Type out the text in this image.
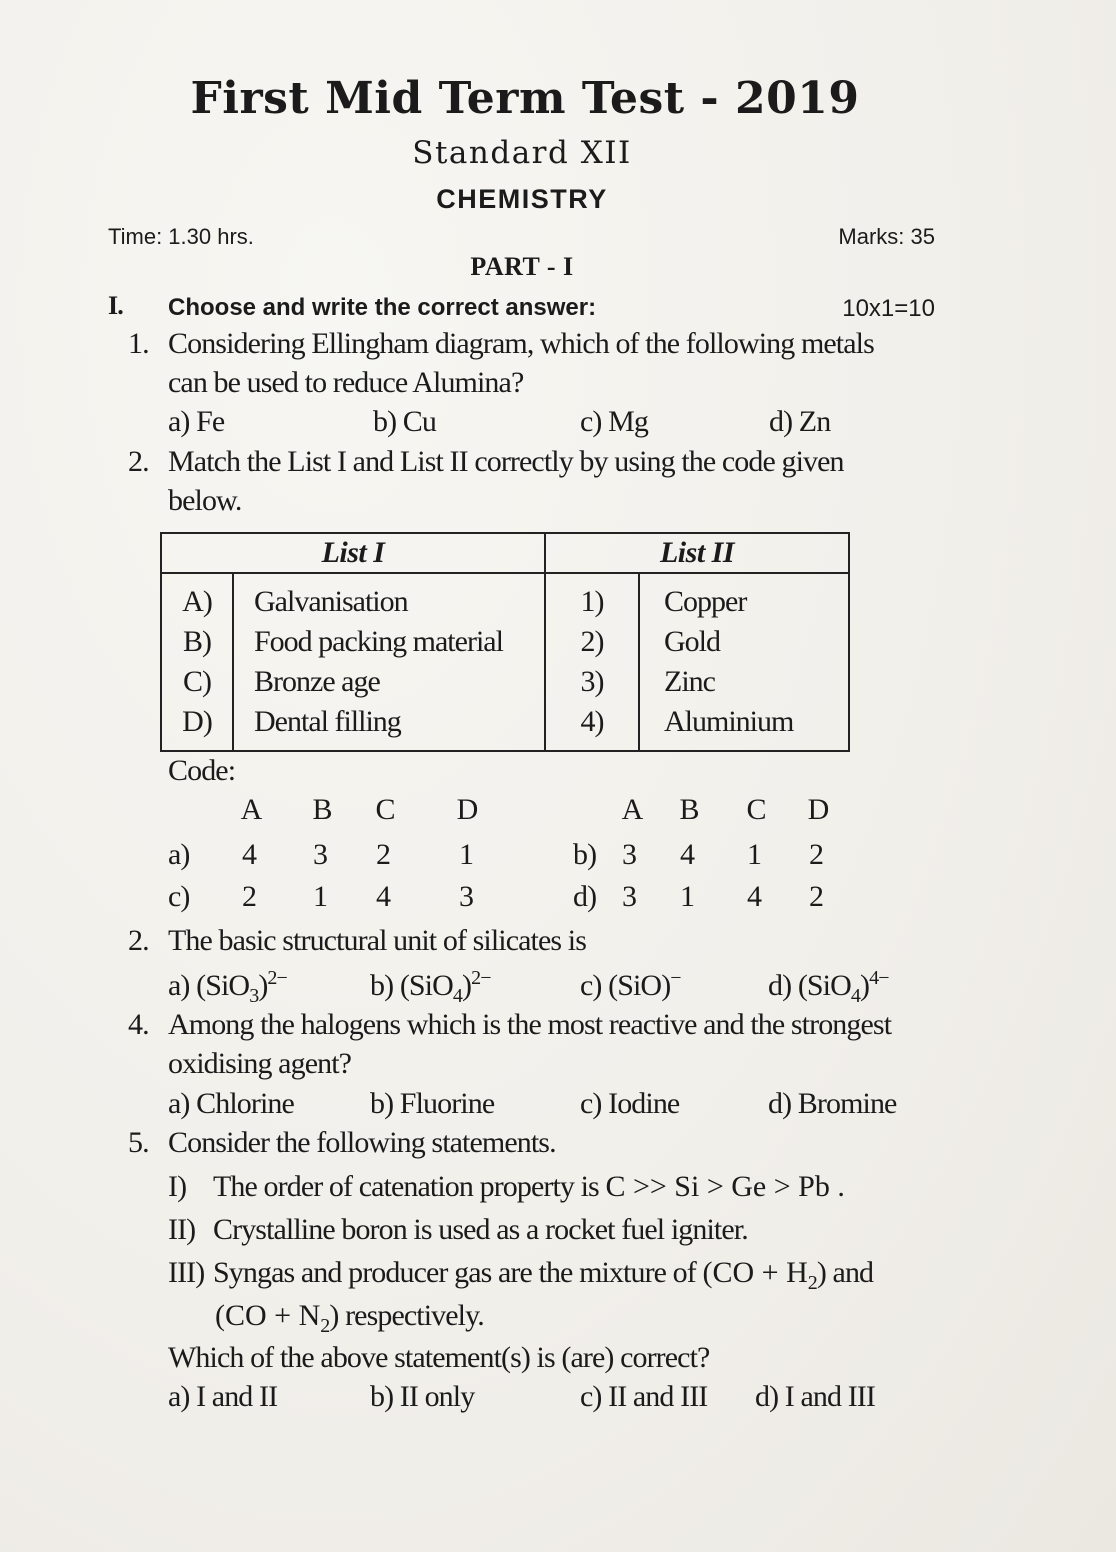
First Mid Term Test - 2019
Standard XII
CHEMISTRY
Time: 1.30 hrs.	Marks: 35
PART - I
I. Choose and write the correct answer:	10x1=10
1. Considering Ellingham diagram, which of the following metals
can be used to reduce Alumina?
a) Fe	b) Cu	c) Mg	d) Zn
2. Match the List I and List II correctly by using the code given
below.
List I		List II	
A)	Galvanisation	1)	Copper
B)	Food packing material	2)	Gold
C)	Bronze age	3)	Zinc
D)	Dental filling	4)	Aluminium
Code:
A B C D	A B C D
a) 4 3 2 1	b) 3 4 1 2
c) 2 1 4 3	d) 3 1 4 2
2. The basic structural unit of silicates is
a) $(SiO_3)^{2-}$	b) $(SiO_4)^{2-}$	c) (SiO)−	d) $(SiO_4)^{4-}$
4. Among the halogens which is the most reactive and the strongest
oxidising agent?
a) Chlorine	b) Fluorine	c) Iodine	d) Bromine
5. Consider the following statements.
I) The order of catenation property is C >> Si > Ge > Pb .
II) Crystalline boron is used as a rocket fuel igniter.
III) Syngas and producer gas are the mixture of $(CO + H_2)$ and
$(CO + N_2)$ respectively.
Which of the above statement(s) is (are) correct?
a) I and II	b) II only	c) II and III d) I and III
